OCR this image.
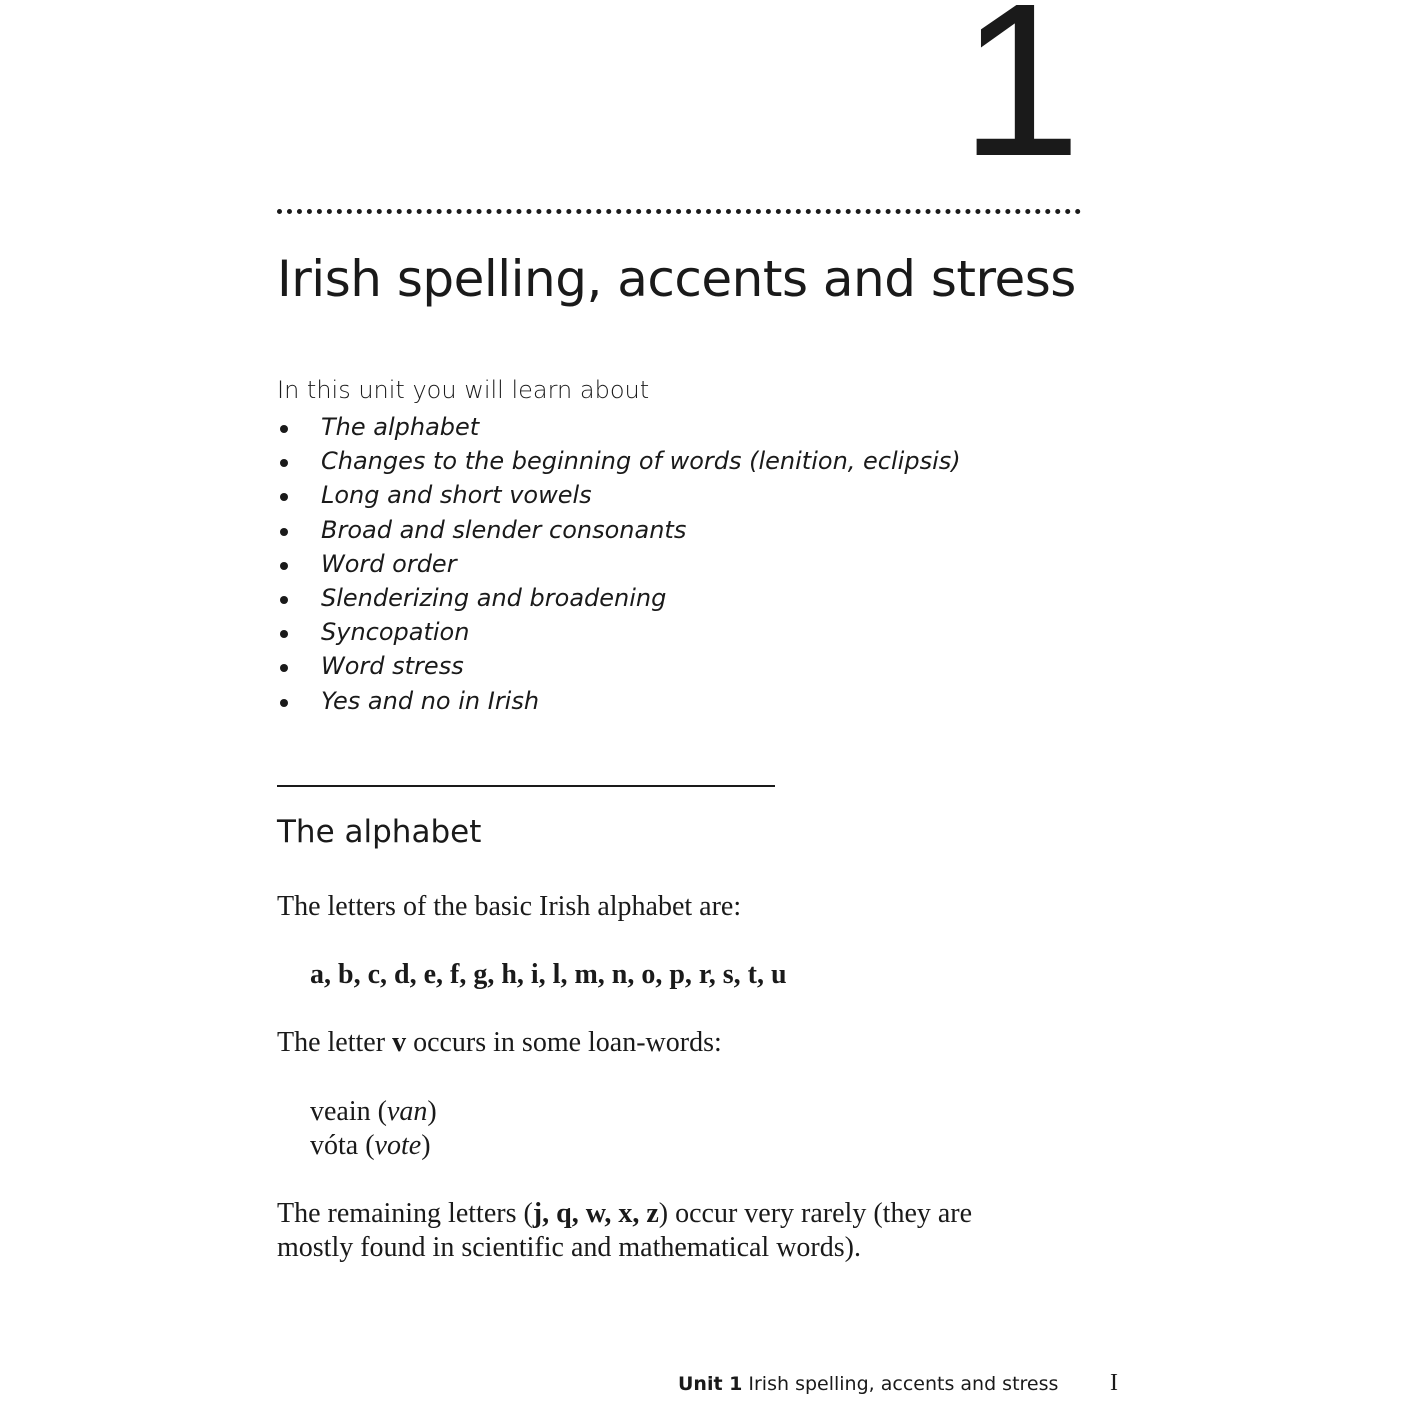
1
Irish spelling, accents and stress
In this unit you will learn about
The alphabet
Changes to the beginning of words (lenition, eclipsis)
Long and short vowels
Broad and slender consonants
Word order
Slenderizing and broadening
Syncopation
Word stress
Yes and no in Irish
The alphabet

The letters of the basic Irish alphabet are:

a, b, c, d, e, f, g, h, i, l, m, n, o, p, r, s, t, u

The letter v occurs in some loan-words:

veain (van)

vóta (vote)

The remaining letters (j, q, w, x, z) occur very rarely (they are

mostly found in scientific and mathematical words).

Unit 1 Irish spelling, accents and stress I
